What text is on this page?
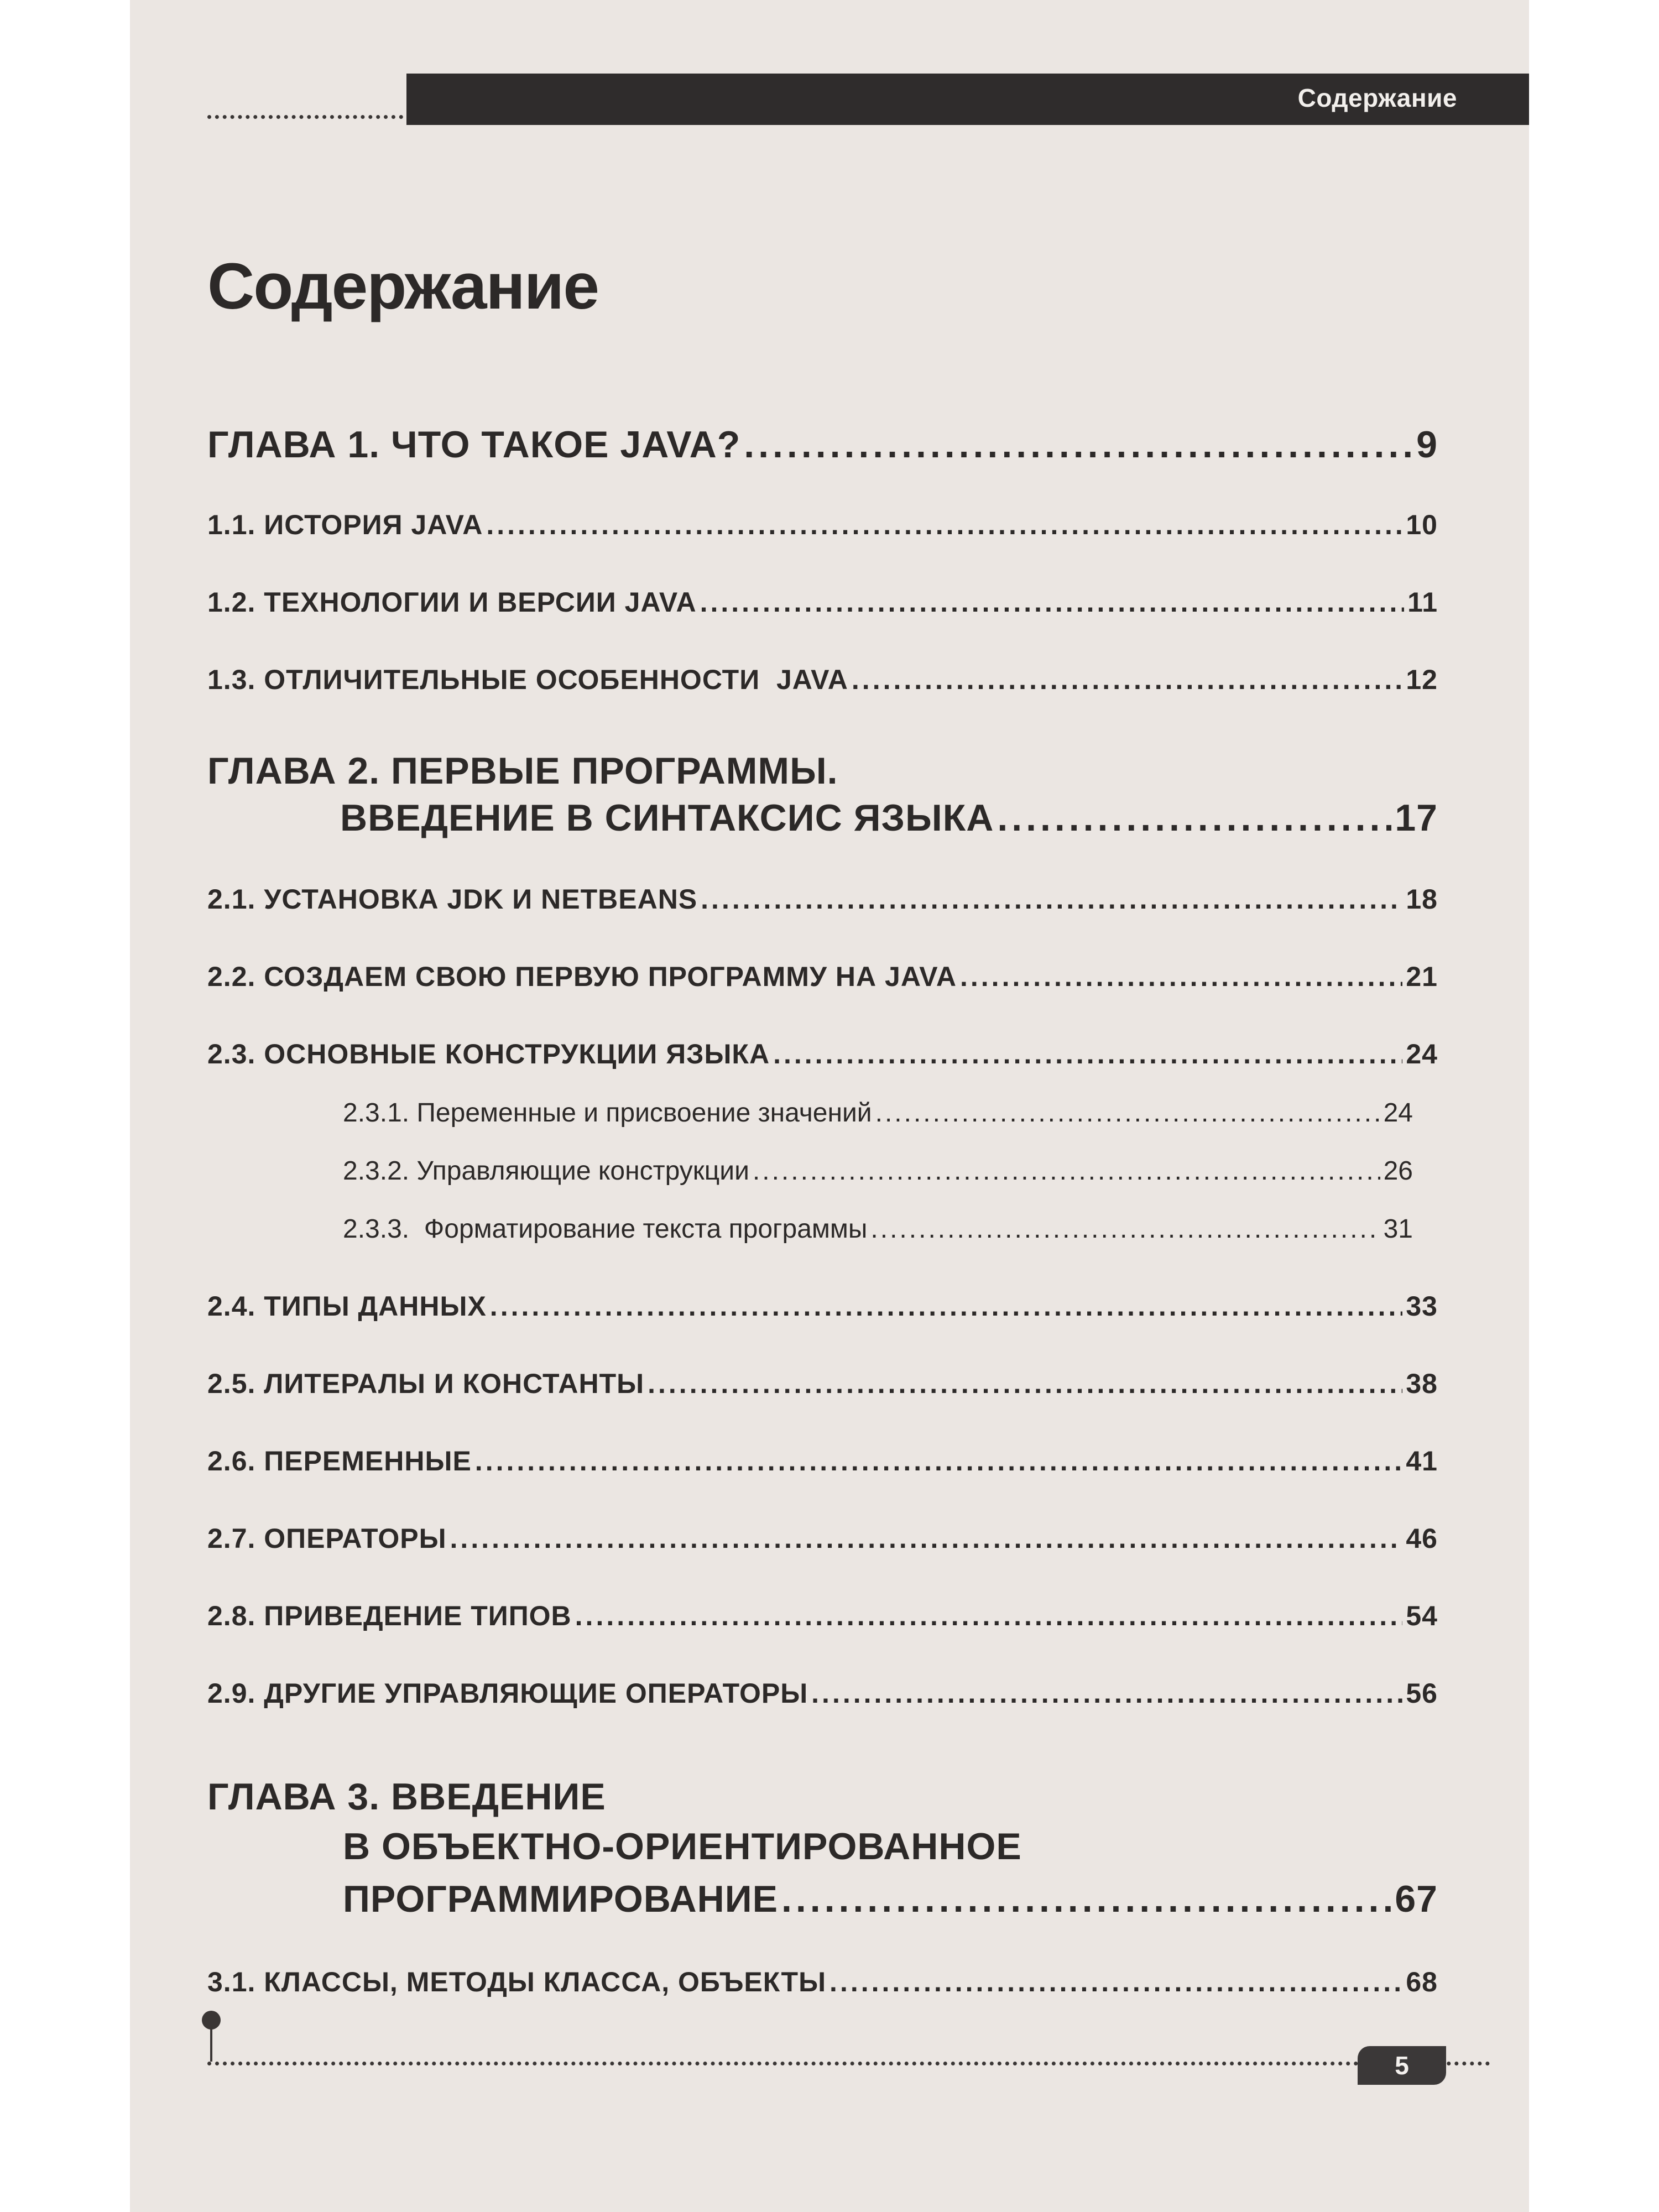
Содержание
Содержание
ГЛАВА 1. ЧТО ТАКОЕ JAVA? .....	9
1.1. ИСТОРИЯ JAVA .....	10
1.2. ТЕХНОЛОГИИ И ВЕРСИИ JAVA .....	11
1.3. ОТЛИЧИТЕЛЬНЫЕ ОСОБЕННОСТИ  JAVA .....	12
ГЛАВА 2. ПЕРВЫЕ ПРОГРАММЫ.
ВВЕДЕНИЕ В СИНТАКСИС ЯЗЫКА .....	17
2.1. УСТАНОВКА JDK И NETBEANS .....	18
2.2. СОЗДАЕМ СВОЮ ПЕРВУЮ ПРОГРАММУ НА JAVA .....	21
2.3. ОСНОВНЫЕ КОНСТРУКЦИИ ЯЗЫКА .....	24
2.3.1. Переменные и присвоение значений .....	24
2.3.2. Управляющие конструкции .....	26
2.3.3.  Форматирование текста программы .....	31
2.4. ТИПЫ ДАННЫХ .....	33
2.5. ЛИТЕРАЛЫ И КОНСТАНТЫ .....	38
2.6. ПЕРЕМЕННЫЕ .....	41
2.7. ОПЕРАТОРЫ .....	46
2.8. ПРИВЕДЕНИЕ ТИПОВ .....	54
2.9. ДРУГИЕ УПРАВЛЯЮЩИЕ ОПЕРАТОРЫ .....	56
ГЛАВА 3. ВВЕДЕНИЕ
В ОБЪЕКТНО-ОРИЕНТИРОВАННОЕ
ПРОГРАММИРОВАНИЕ .....	67
3.1. КЛАССЫ, МЕТОДЫ КЛАССА, ОБЪЕКТЫ .....	68
5
